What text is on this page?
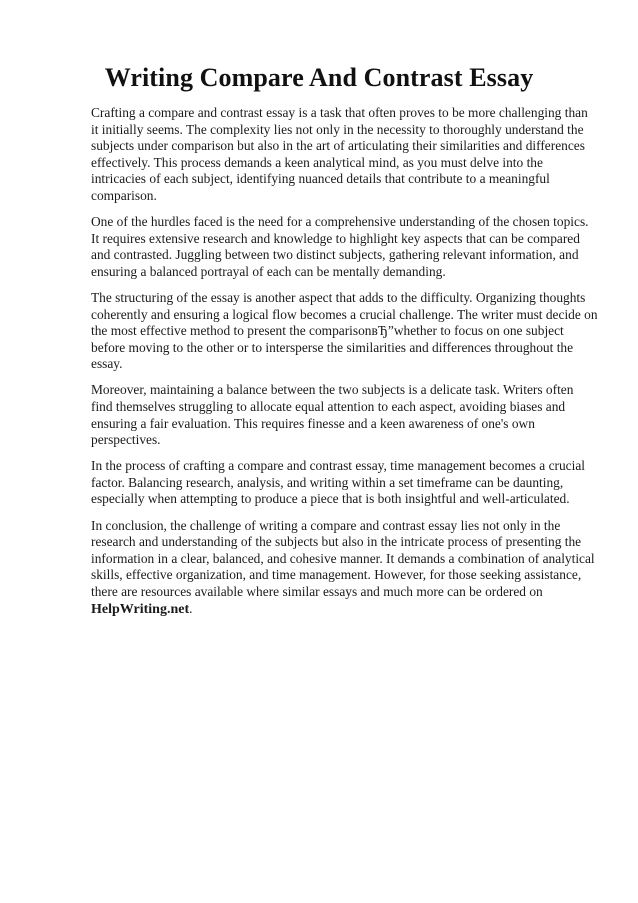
Writing Compare And Contrast Essay

Crafting a compare and contrast essay is a task that often proves to be more challenging than it initially seems. The complexity lies not only in the necessity to thoroughly understand the subjects under comparison but also in the art of articulating their similarities and differences effectively. This process demands a keen analytical mind, as you must delve into the intricacies of each subject, identifying nuanced details that contribute to a meaningful comparison.

One of the hurdles faced is the need for a comprehensive understanding of the chosen topics. It requires extensive research and knowledge to highlight key aspects that can be compared and contrasted. Juggling between two distinct subjects, gathering relevant information, and ensuring a balanced portrayal of each can be mentally demanding.

The structuring of the essay is another aspect that adds to the difficulty. Organizing thoughts coherently and ensuring a logical flow becomes a crucial challenge. The writer must decide on the most effective method to present the comparisonвЂ”whether to focus on one subject before moving to the other or to intersperse the similarities and differences throughout the essay.

Moreover, maintaining a balance between the two subjects is a delicate task. Writers often find themselves struggling to allocate equal attention to each aspect, avoiding biases and ensuring a fair evaluation. This requires finesse and a keen awareness of one's own perspectives.

In the process of crafting a compare and contrast essay, time management becomes a crucial factor. Balancing research, analysis, and writing within a set timeframe can be daunting, especially when attempting to produce a piece that is both insightful and well-articulated.

In conclusion, the challenge of writing a compare and contrast essay lies not only in the research and understanding of the subjects but also in the intricate process of presenting the information in a clear, balanced, and cohesive manner. It demands a combination of analytical skills, effective organization, and time management. However, for those seeking assistance, there are resources available where similar essays and much more can be ordered on HelpWriting.net.
